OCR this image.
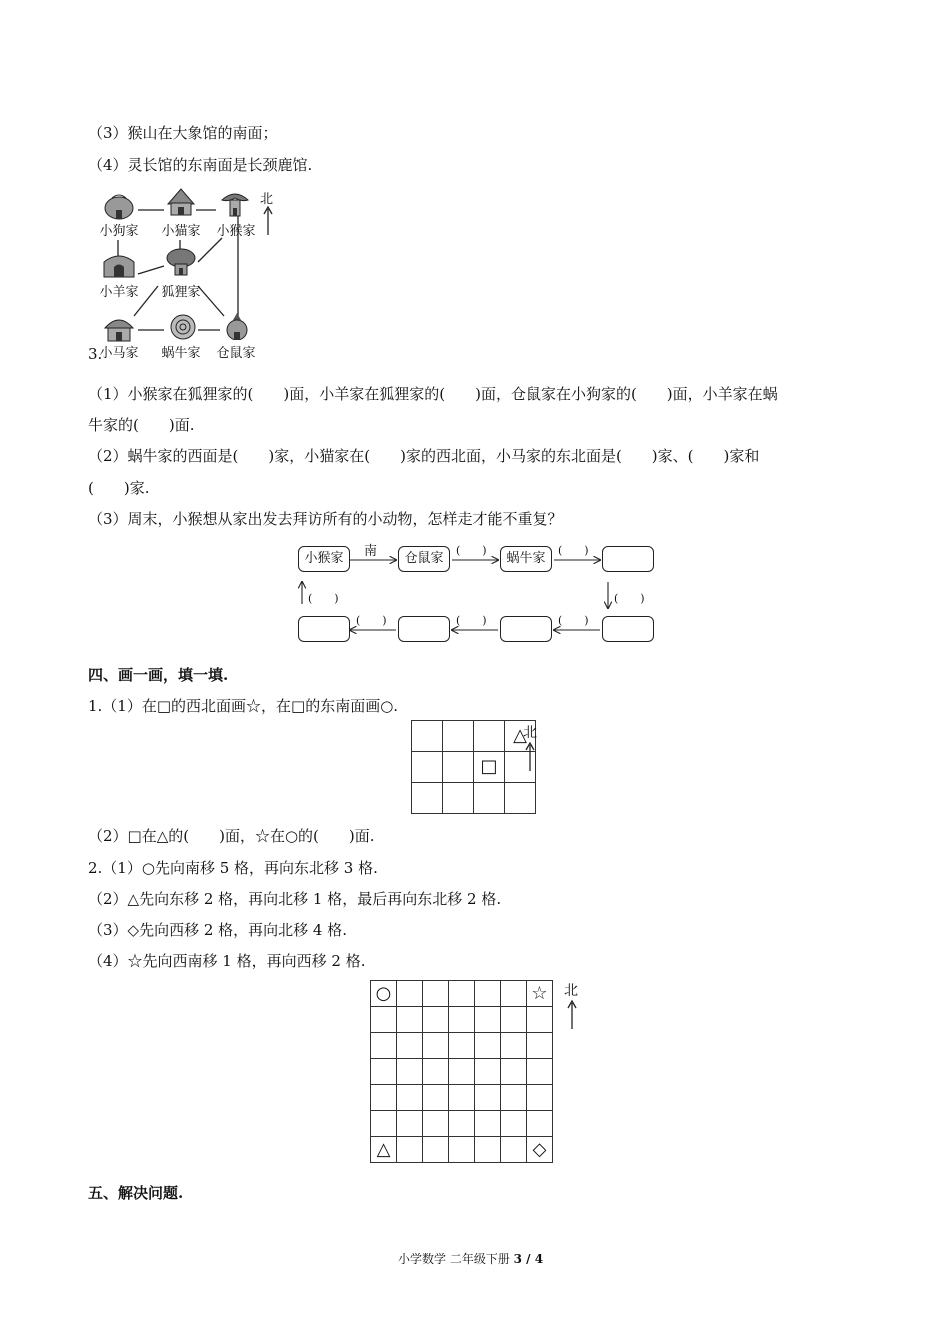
（3）猴山在大象馆的南面；
（4）灵长馆的东南面是长颈鹿馆.
小狗家	小猫家	小猴家
小羊家	狐狸家
小马家	蜗牛家	仓鼠家
北
3.
（1）小猴家在狐狸家的(　　)面，小羊家在狐狸家的(　　)面，仓鼠家在小狗家的(　　)面，小羊家在蜗
牛家的(　　)面.
（2）蜗牛家的西面是(　　)家，小猫家在(　　)家的西北面，小马家的东北面是(　　)家、(　　)家和
(　　)家.
（3）周末，小猴想从家出发去拜访所有的小动物，怎样走才能不重复？
小猴家	仓鼠家	蜗牛家
南	(　　)	(　　)
(　　)
(　　)
(　　)
(　　)
(　　)
四、画一画，填一填.
1.（1）在□的西北面画☆，在□的东南面画○.
			△
		□	

北
（2）□在△的(　　)面，☆在○的(　　)面.
2.（1）○先向南移 5 格，再向东北移 3 格.
（2）△先向东移 2 格，再向北移 1 格，最后再向东北移 2 格.
（3）◇先向西移 2 格，再向北移 4 格.
（4）☆先向西南移 1 格，再向西移 2 格.
○						☆

△						◇
北
五、解决问题.
小学数学 二年级下册 3 / 4
